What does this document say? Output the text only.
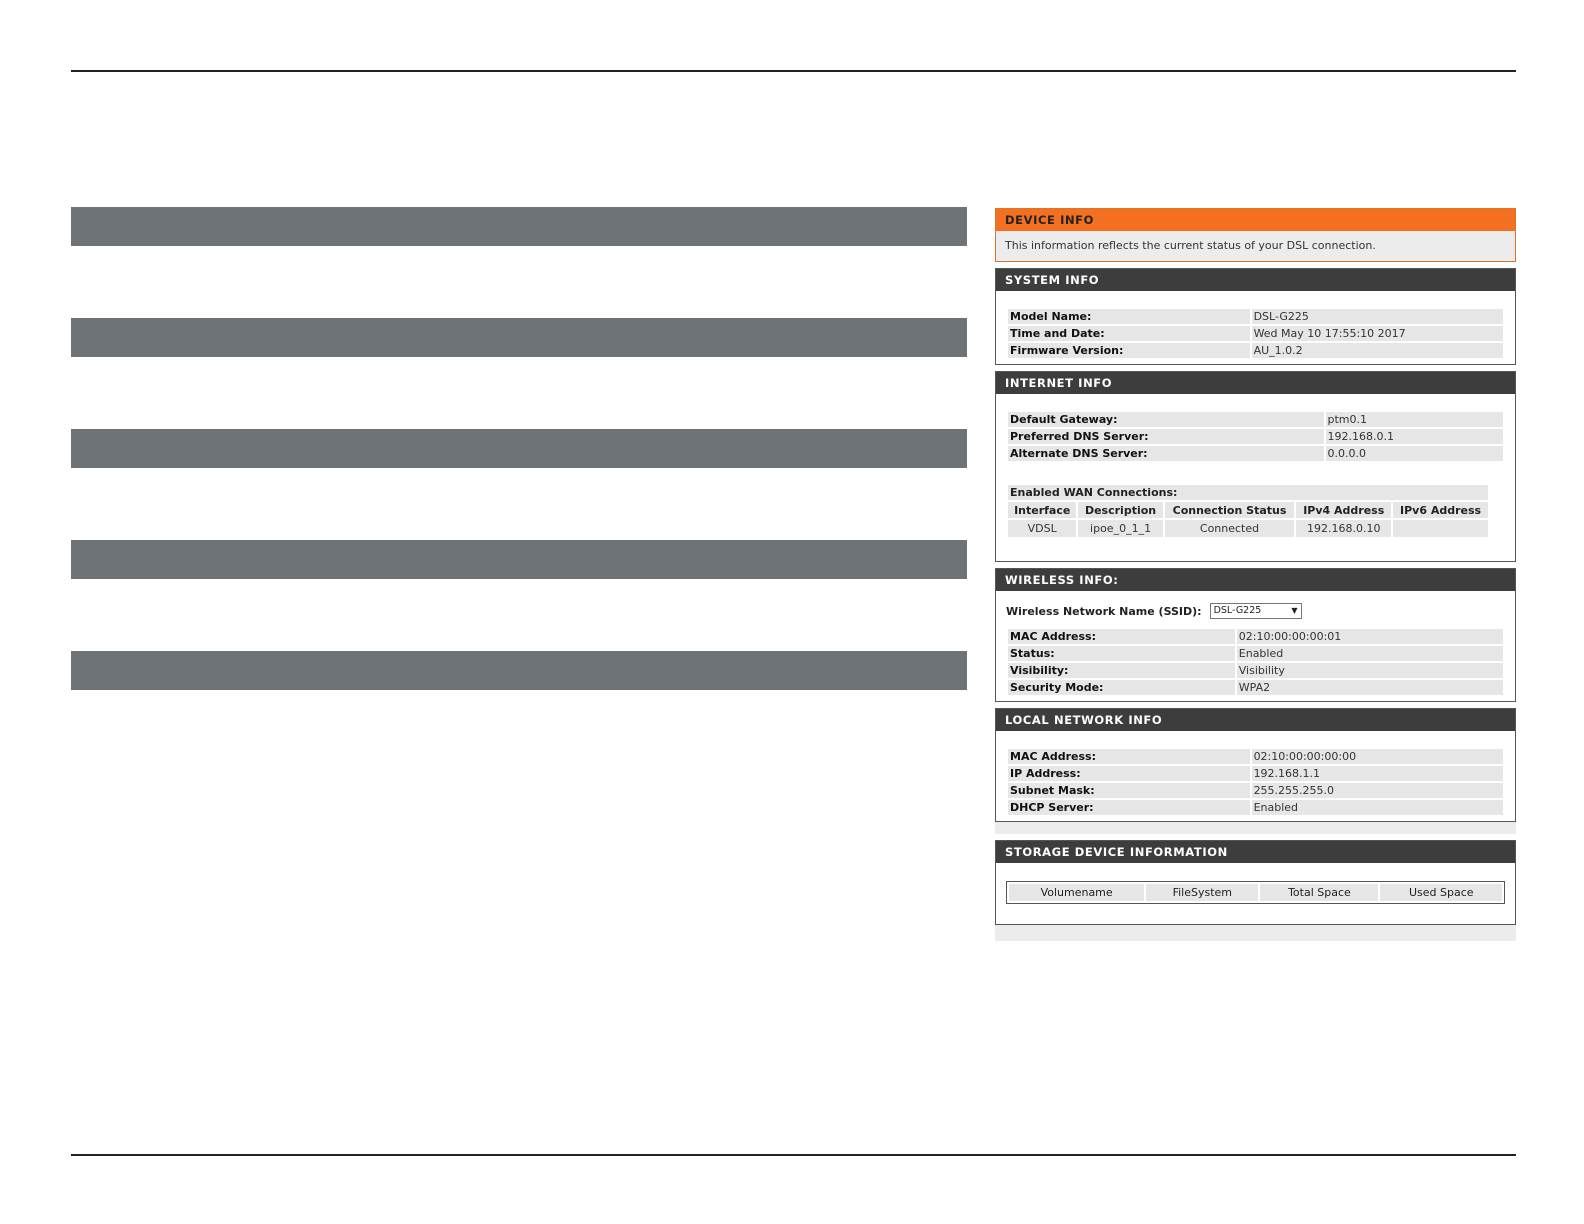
DEVICE INFO
This information reflects the current status of your DSL connection.
SYSTEM INFO
Model Name:	DSL-G225
Time and Date:	Wed May 10 17:55:10 2017
Firmware Version:	AU_1.0.2
INTERNET INFO
Default Gateway:	ptm0.1
Preferred DNS Server:	192.168.0.1
Alternate DNS Server:	0.0.0.0
Enabled WAN Connections:				
Interface	Description	Connection Status	IPv4 Address	IPv6 Address
VDSL	ipoe_0_1_1	Connected	192.168.0.10	
WIRELESS INFO:
Wireless Network Name (SSID):	DSL-G225	▼
MAC Address:	02:10:00:00:00:01
Status:	Enabled
Visibility:	Visibility
Security Mode:	WPA2
LOCAL NETWORK INFO
MAC Address:	02:10:00:00:00:00
IP Address:	192.168.1.1
Subnet Mask:	255.255.255.0
DHCP Server:	Enabled
STORAGE DEVICE INFORMATION
Volumename	FileSystem	Total Space	Used Space
